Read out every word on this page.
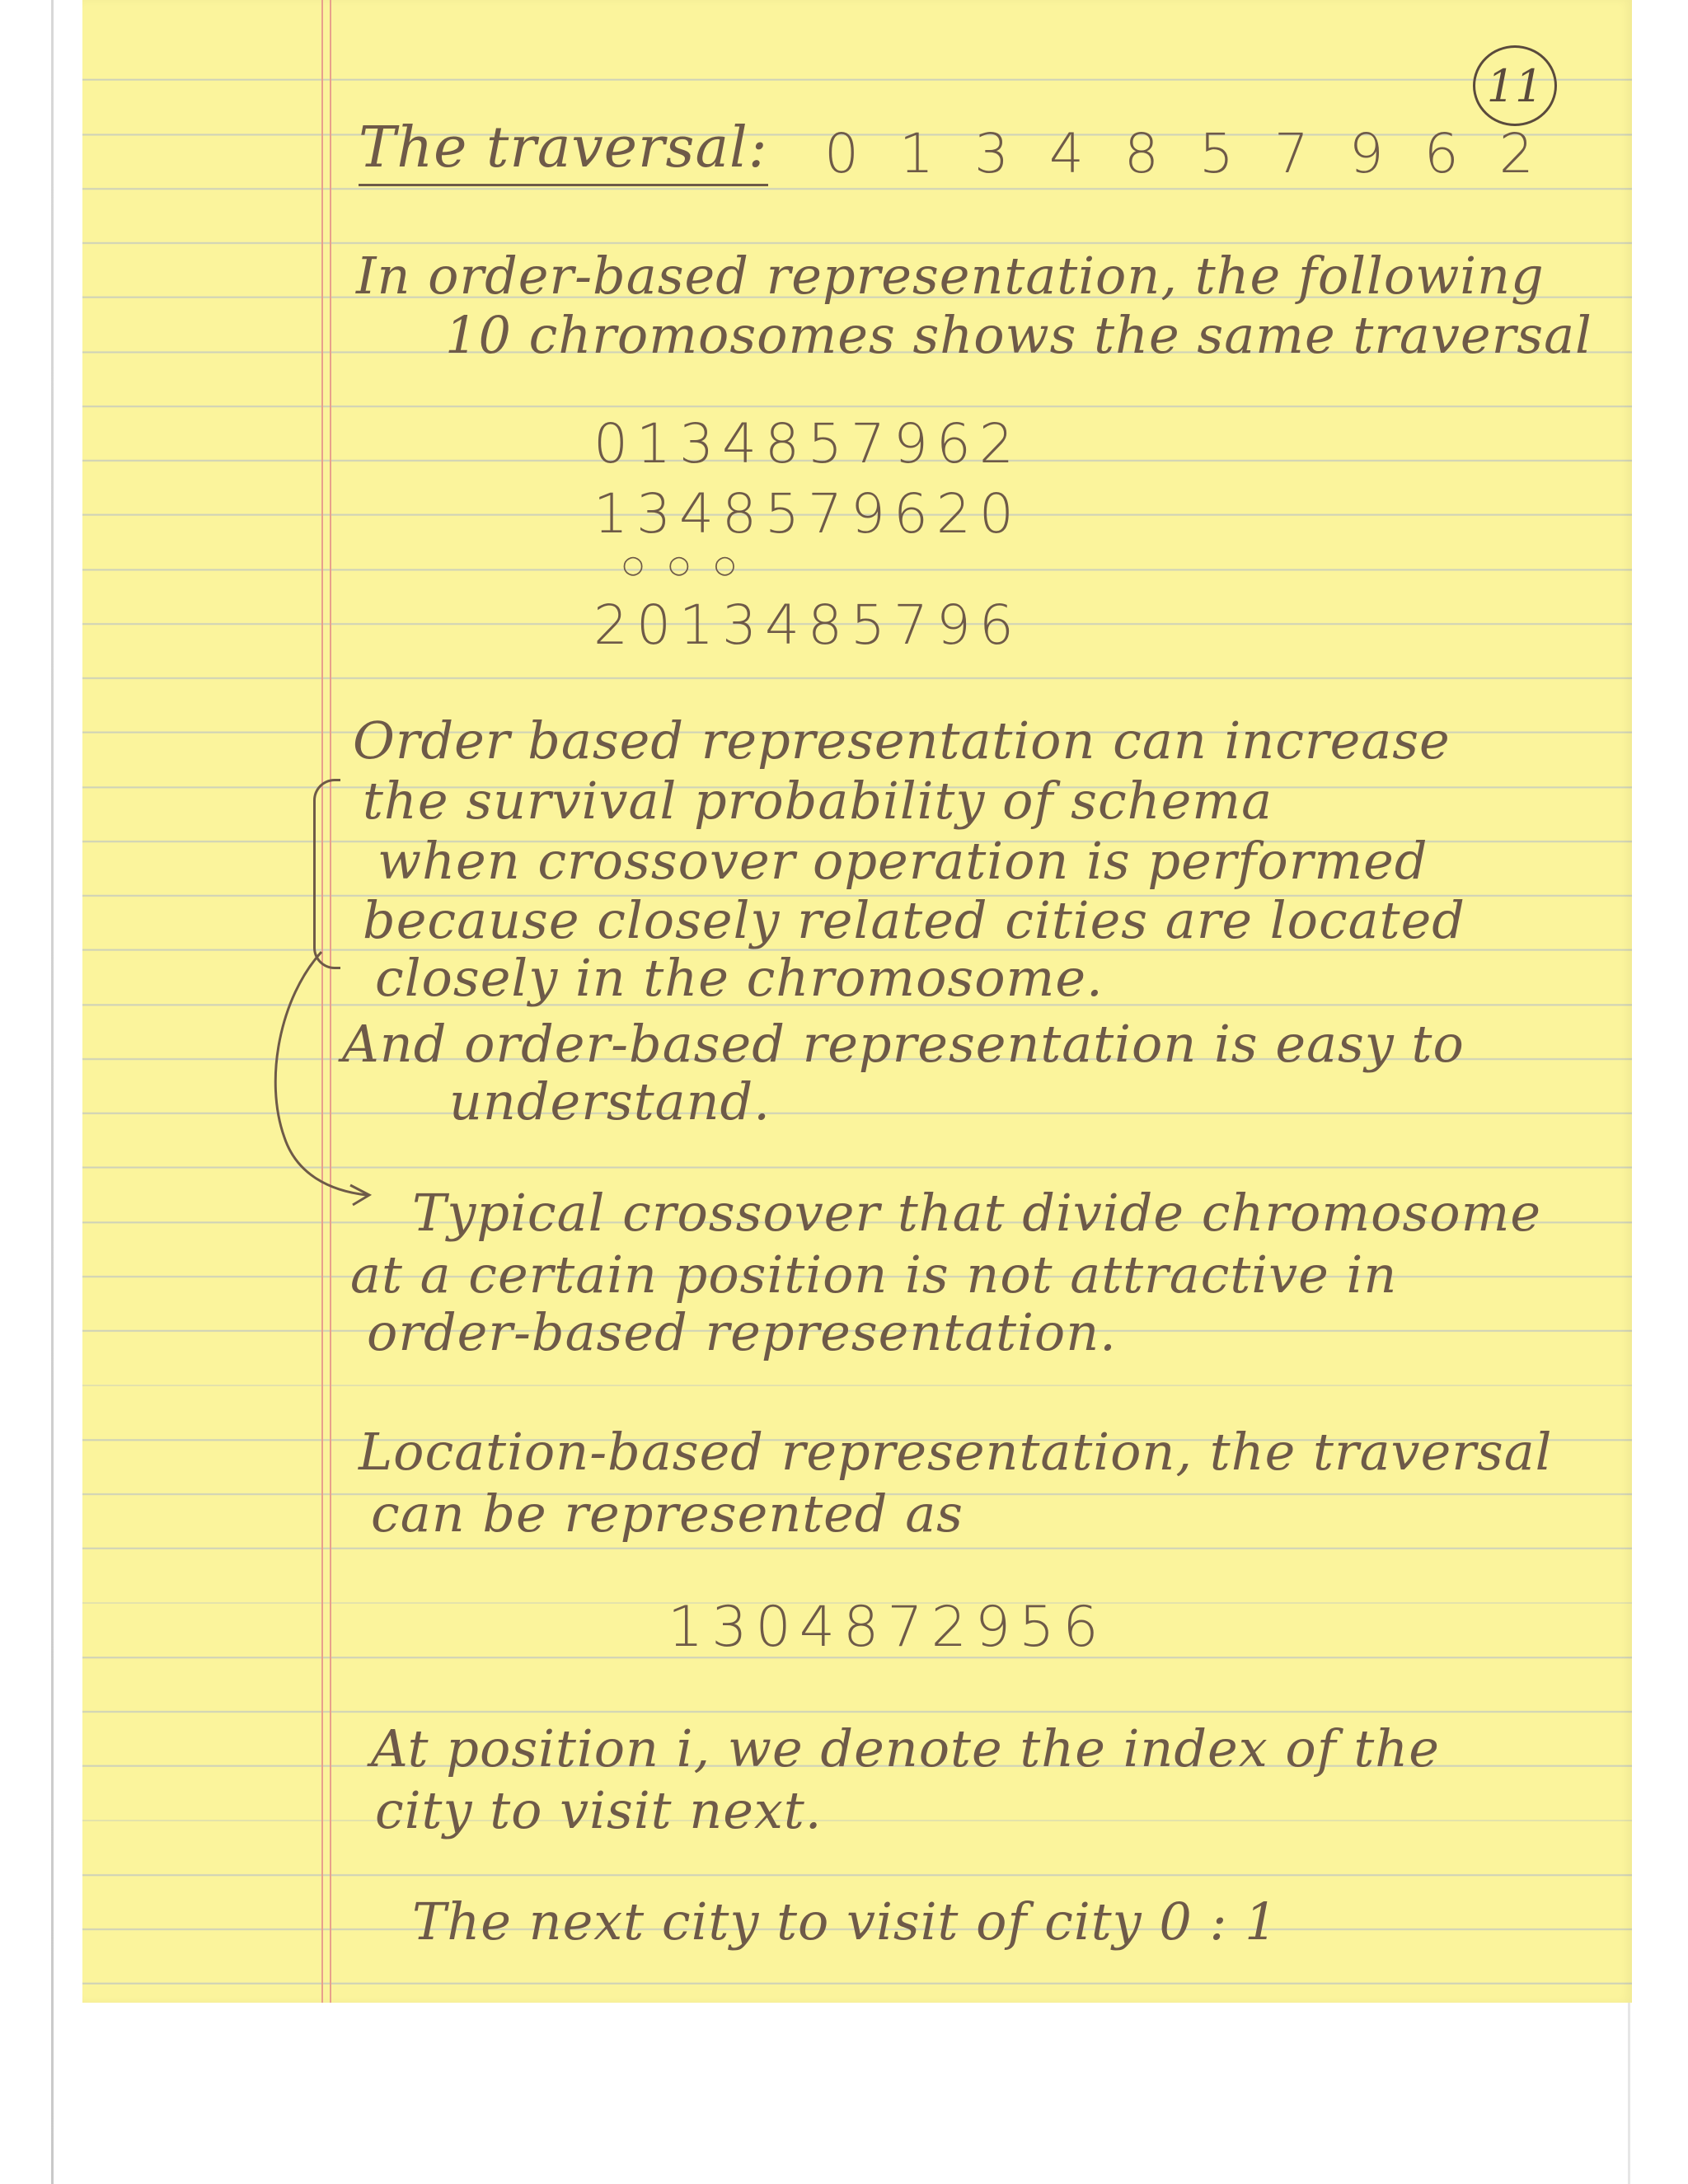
11
The traversal: 0 1 3 4 8 5 7 9 6 2
In order-based representation, the following
10 chromosomes shows the same traversal
0134857962
1348579620
○ ○ ○
2013485796
Order based representation can increase
the survival probability of schema
when crossover operation is performed
because closely related cities are located
closely in the chromosome.
And order-based representation is easy to
understand.
Typical crossover that divide chromosome
at a certain position is not attractive in
order-based representation.
Location-based representation, the traversal
can be represented as
1304872956
At position i, we denote the index of the
city to visit next.
The next city to visit of city 0 : 1
